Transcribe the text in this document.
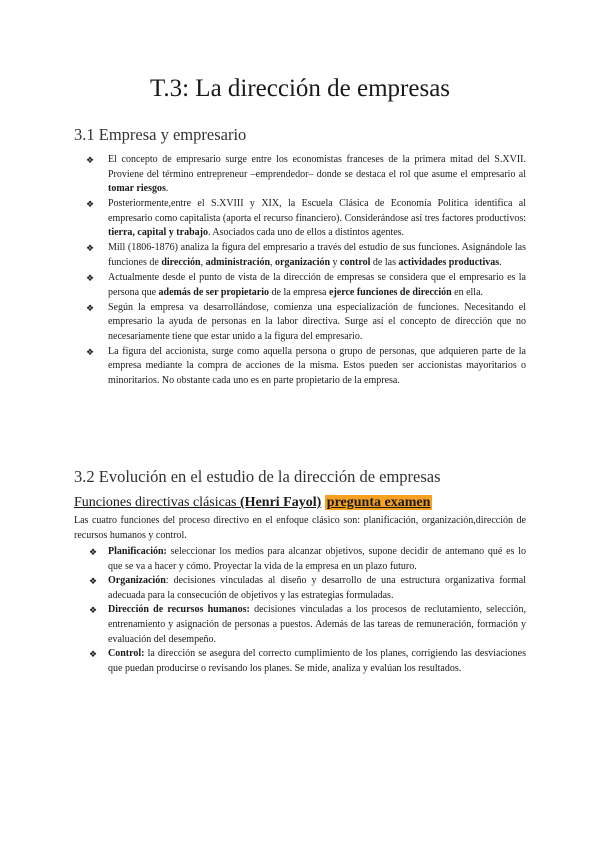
T.3: La dirección de empresas
3.1 Empresa y empresario
❖ El concepto de empresario surge entre los economistas franceses de la primera mitad del S.XVII. Proviene del término entrepreneur –emprendedor– donde se destaca el rol que asume el empresario al tomar riesgos.
❖ Posteriormente,entre el S.XVIII y XIX, la Escuela Clásica de Economía Política identifica al empresario como capitalista (aporta el recurso financiero). Considerándose así tres factores productivos: tierra, capital y trabajo. Asociados cada uno de ellos a distintos agentes.
❖ Mill (1806-1876) analiza la figura del empresario a través del estudio de sus funciones. Asignándole las funciones de dirección, administración, organización y control de las actividades productivas.
❖ Actualmente desde el punto de vista de la dirección de empresas se considera que el empresario es la persona que además de ser propietario de la empresa ejerce funciones de dirección en ella.
❖ Según la empresa va desarrollándose, comienza una especialización de funciones. Necesitando el empresario la ayuda de personas en la labor directiva. Surge así el concepto de dirección que no necesariamente tiene que estar unido a la figura del empresario.
❖ La figura del accionista, surge como aquella persona o grupo de personas, que adquieren parte de la empresa mediante la compra de acciones de la misma. Estos pueden ser accionistas mayoritarios o minoritarios. No obstante cada uno es en parte propietario de la empresa.
3.2 Evolución en el estudio de la dirección de empresas
Funciones directivas clásicas (Henri Fayol) pregunta examen
Las cuatro funciones del proceso directivo en el enfoque clásico son: planificación, organización,dirección de recursos humanos y control.
❖ Planificación: seleccionar los medios para alcanzar objetivos, supone decidir de antemano qué es lo que se va a hacer y cómo. Proyectar la vida de la empresa en un plazo futuro.
❖ Organización: decisiones vinculadas al diseño y desarrollo de una estructura organizativa formal adecuada para la consecución de objetivos y las estrategias formuladas.
❖ Dirección de recursos humanos: decisiones vinculadas a los procesos de reclutamiento, selección, entrenamiento y asignación de personas a puestos. Además de las tareas de remuneración, formación y evaluación del desempeño.
❖ Control: la dirección se asegura del correcto cumplimiento de los planes, corrigiendo las desviaciones que puedan producirse o revisando los planes. Se mide, analiza y evalúan los resultados.
